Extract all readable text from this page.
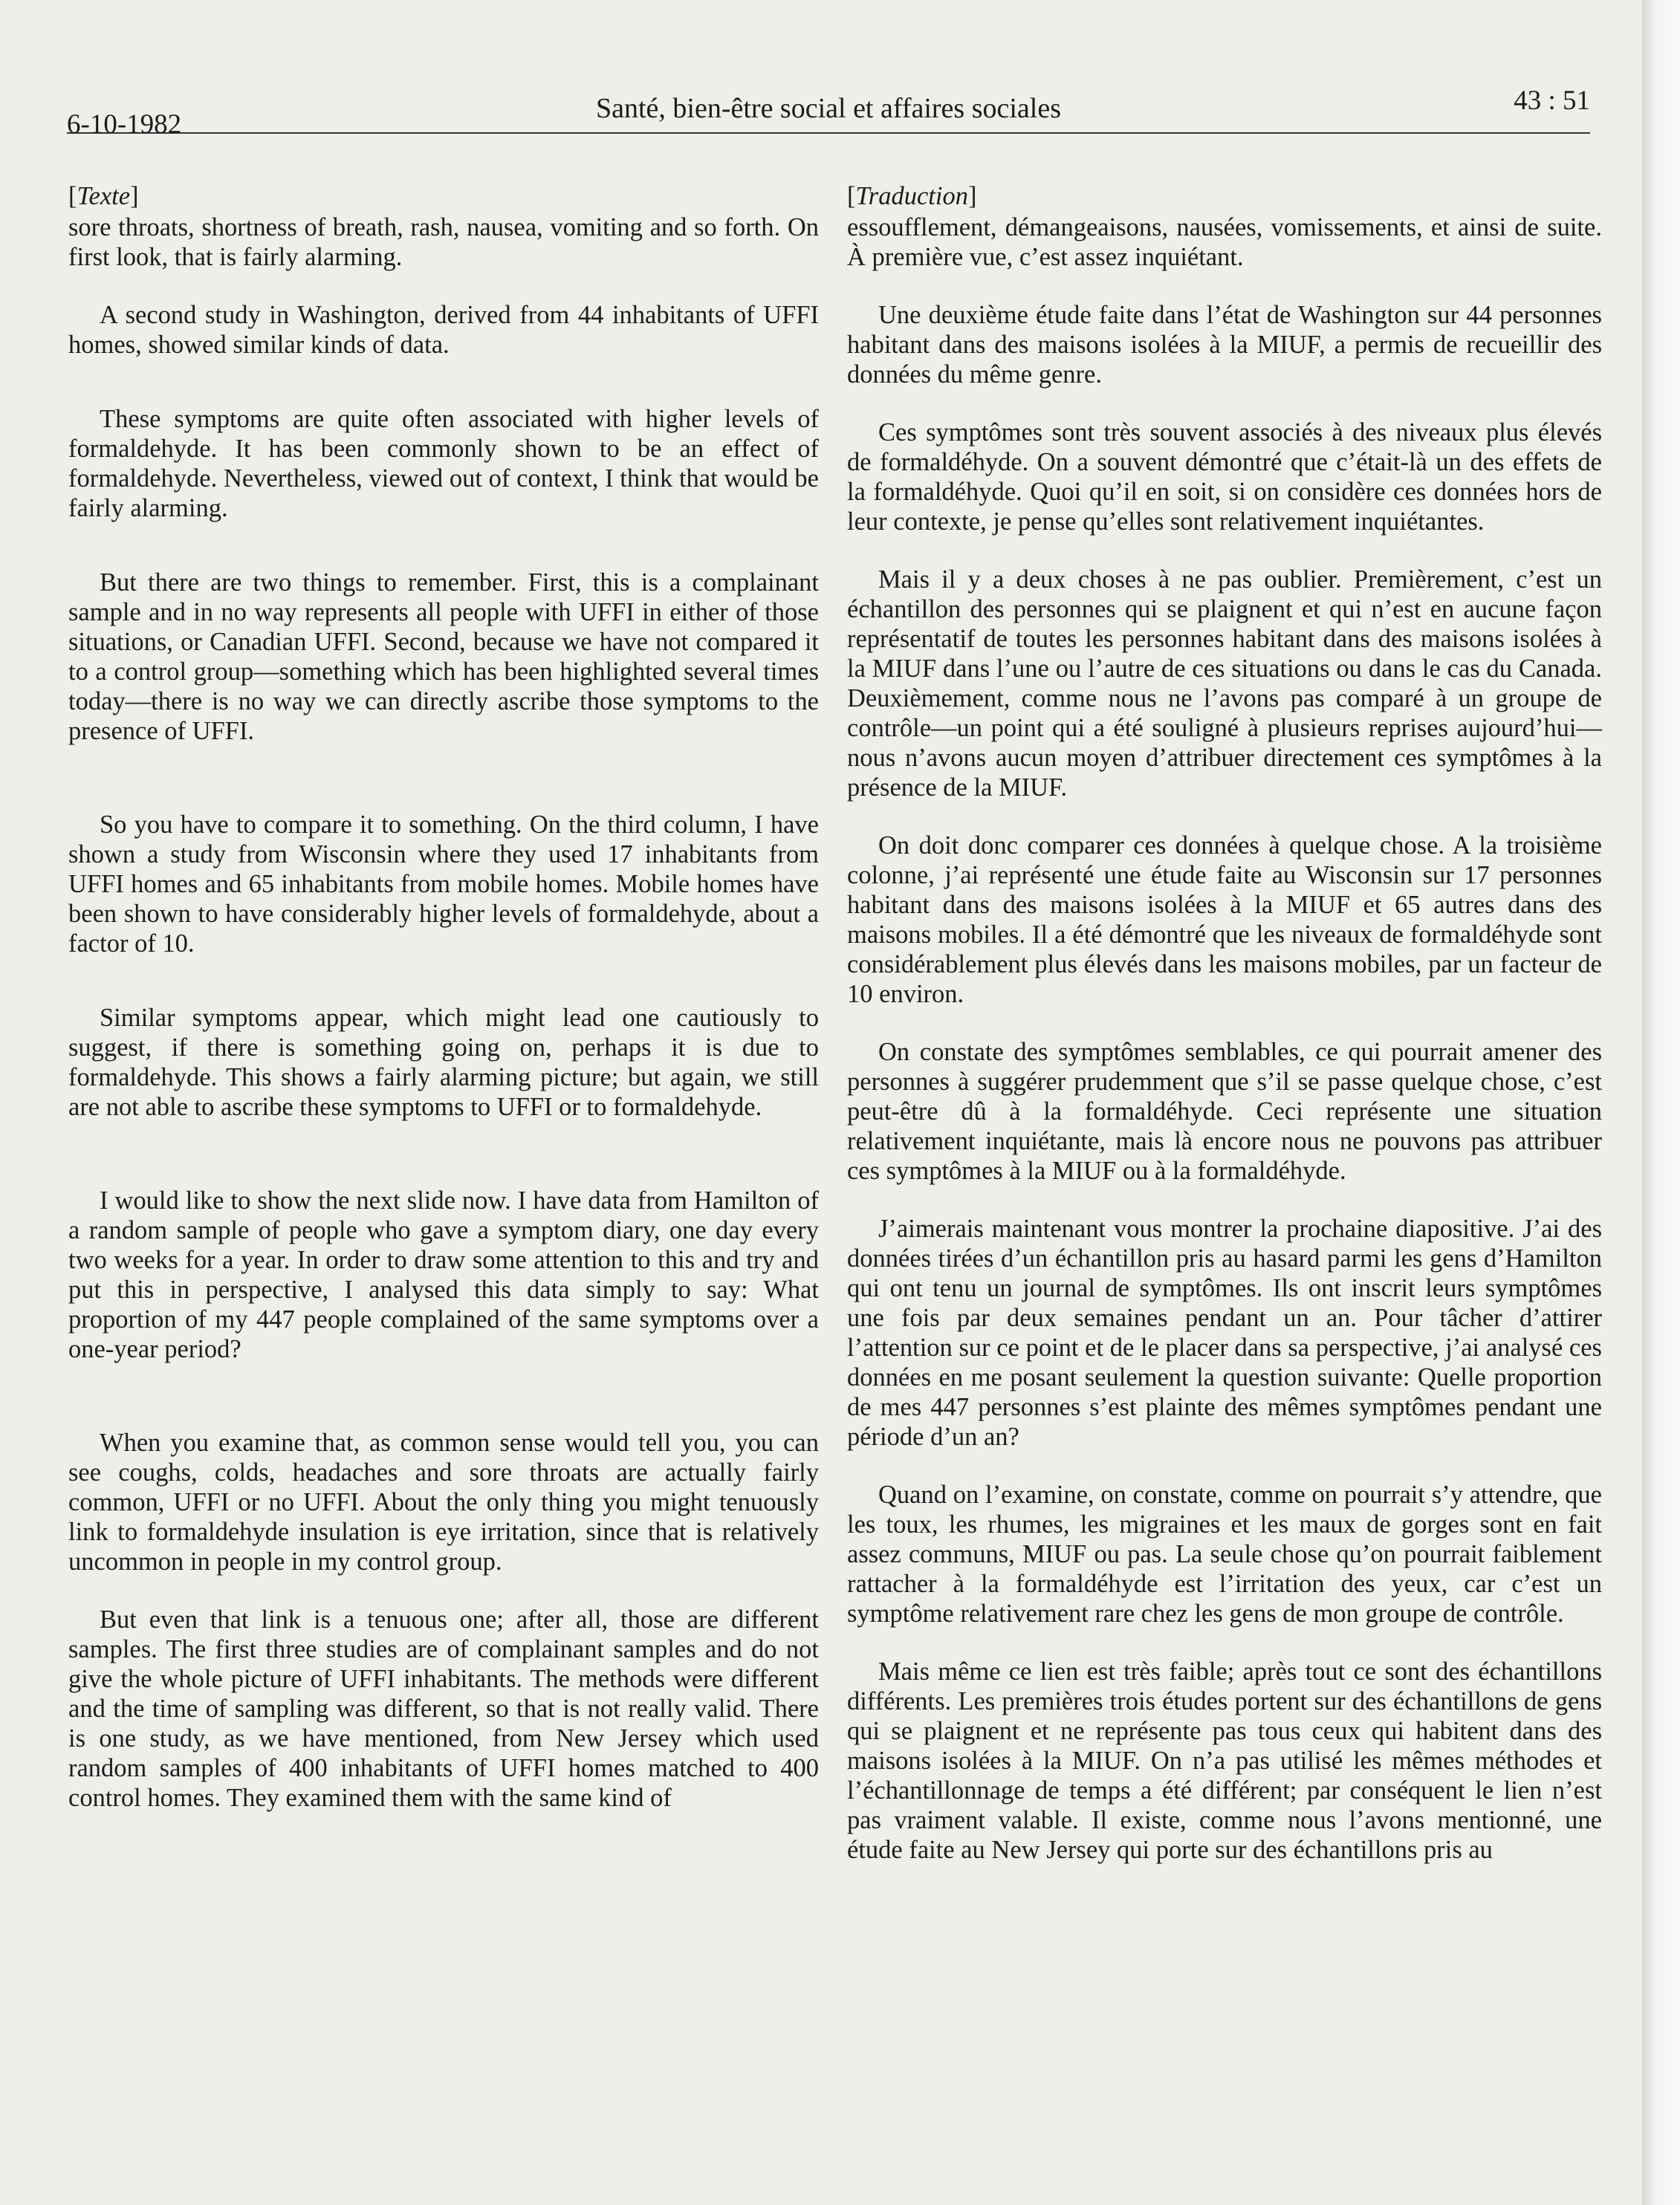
6-10-1982
Santé, bien-être social et affaires sociales	43 : 51
[Texte]

sore throats, shortness of breath, rash, nausea, vomiting and so forth. On first look, that is fairly alarming.

A second study in Washington, derived from 44 inhabitants of UFFI homes, showed similar kinds of data.

These symptoms are quite often associated with higher levels of formaldehyde. It has been commonly shown to be an effect of formaldehyde. Nevertheless, viewed out of context, I think that would be fairly alarming.

But there are two things to remember. First, this is a complainant sample and in no way represents all people with UFFI in either of those situations, or Canadian UFFI. Second, because we have not compared it to a control group—something which has been highlighted several times today—there is no way we can directly ascribe those symptoms to the presence of UFFI.

So you have to compare it to something. On the third column, I have shown a study from Wisconsin where they used 17 inhabitants from UFFI homes and 65 inhabitants from mobile homes. Mobile homes have been shown to have considerably higher levels of formaldehyde, about a factor of 10.

Similar symptoms appear, which might lead one cautiously to suggest, if there is something going on, perhaps it is due to formaldehyde. This shows a fairly alarming picture; but again, we still are not able to ascribe these symptoms to UFFI or to formaldehyde.

I would like to show the next slide now. I have data from Hamilton of a random sample of people who gave a symptom diary, one day every two weeks for a year. In order to draw some attention to this and try and put this in perspective, I analysed this data simply to say: What proportion of my 447 people complained of the same symptoms over a one-year period?

When you examine that, as common sense would tell you, you can see coughs, colds, headaches and sore throats are actually fairly common, UFFI or no UFFI. About the only thing you might tenuously link to formaldehyde insulation is eye irritation, since that is relatively uncommon in people in my control group.

But even that link is a tenuous one; after all, those are different samples. The first three studies are of complainant samples and do not give the whole picture of UFFI inhabitants. The methods were different and the time of sampling was different, so that is not really valid. There is one study, as we have mentioned, from New Jersey which used random samples of 400 inhabitants of UFFI homes matched to 400 control homes. They examined them with the same kind of

[Traduction]

essoufflement, démangeaisons, nausées, vomissements, et ainsi de suite. À première vue, c’est assez inquiétant.

Une deuxième étude faite dans l’état de Washington sur 44 personnes habitant dans des maisons isolées à la MIUF, a permis de recueillir des données du même genre.

Ces symptômes sont très souvent associés à des niveaux plus élevés de formaldéhyde. On a souvent démontré que c’était-là un des effets de la formaldéhyde. Quoi qu’il en soit, si on considère ces données hors de leur contexte, je pense qu’elles sont relativement inquiétantes.

Mais il y a deux choses à ne pas oublier. Premièrement, c’est un échantillon des personnes qui se plaignent et qui n’est en aucune façon représentatif de toutes les personnes habitant dans des maisons isolées à la MIUF dans l’une ou l’autre de ces situations ou dans le cas du Canada. Deuxièmement, comme nous ne l’avons pas comparé à un groupe de contrôle—un point qui a été souligné à plusieurs reprises aujourd’hui—nous n’avons aucun moyen d’attribuer directement ces symptômes à la présence de la MIUF.

On doit donc comparer ces données à quelque chose. A la troisième colonne, j’ai représenté une étude faite au Wisconsin sur 17 personnes habitant dans des maisons isolées à la MIUF et 65 autres dans des maisons mobiles. Il a été démontré que les niveaux de formaldéhyde sont considérablement plus élevés dans les maisons mobiles, par un facteur de 10 environ.

On constate des symptômes semblables, ce qui pourrait amener des personnes à suggérer prudemment que s’il se passe quelque chose, c’est peut-être dû à la formaldéhyde. Ceci représente une situation relativement inquiétante, mais là encore nous ne pouvons pas attribuer ces symptômes à la MIUF ou à la formaldéhyde.

J’aimerais maintenant vous montrer la prochaine diapositive. J’ai des données tirées d’un échantillon pris au hasard parmi les gens d’Hamilton qui ont tenu un journal de symptômes. Ils ont inscrit leurs symptômes une fois par deux semaines pendant un an. Pour tâcher d’attirer l’attention sur ce point et de le placer dans sa perspective, j’ai analysé ces données en me posant seulement la question suivante: Quelle proportion de mes 447 personnes s’est plainte des mêmes symptômes pendant une période d’un an?

Quand on l’examine, on constate, comme on pourrait s’y attendre, que les toux, les rhumes, les migraines et les maux de gorges sont en fait assez communs, MIUF ou pas. La seule chose qu’on pourrait faiblement rattacher à la formaldéhyde est l’irritation des yeux, car c’est un symptôme relativement rare chez les gens de mon groupe de contrôle.

Mais même ce lien est très faible; après tout ce sont des échantillons différents. Les premières trois études portent sur des échantillons de gens qui se plaignent et ne représente pas tous ceux qui habitent dans des maisons isolées à la MIUF. On n’a pas utilisé les mêmes méthodes et l’échantillonnage de temps a été différent; par conséquent le lien n’est pas vraiment valable. Il existe, comme nous l’avons mentionné, une étude faite au New Jersey qui porte sur des échantillons pris au
